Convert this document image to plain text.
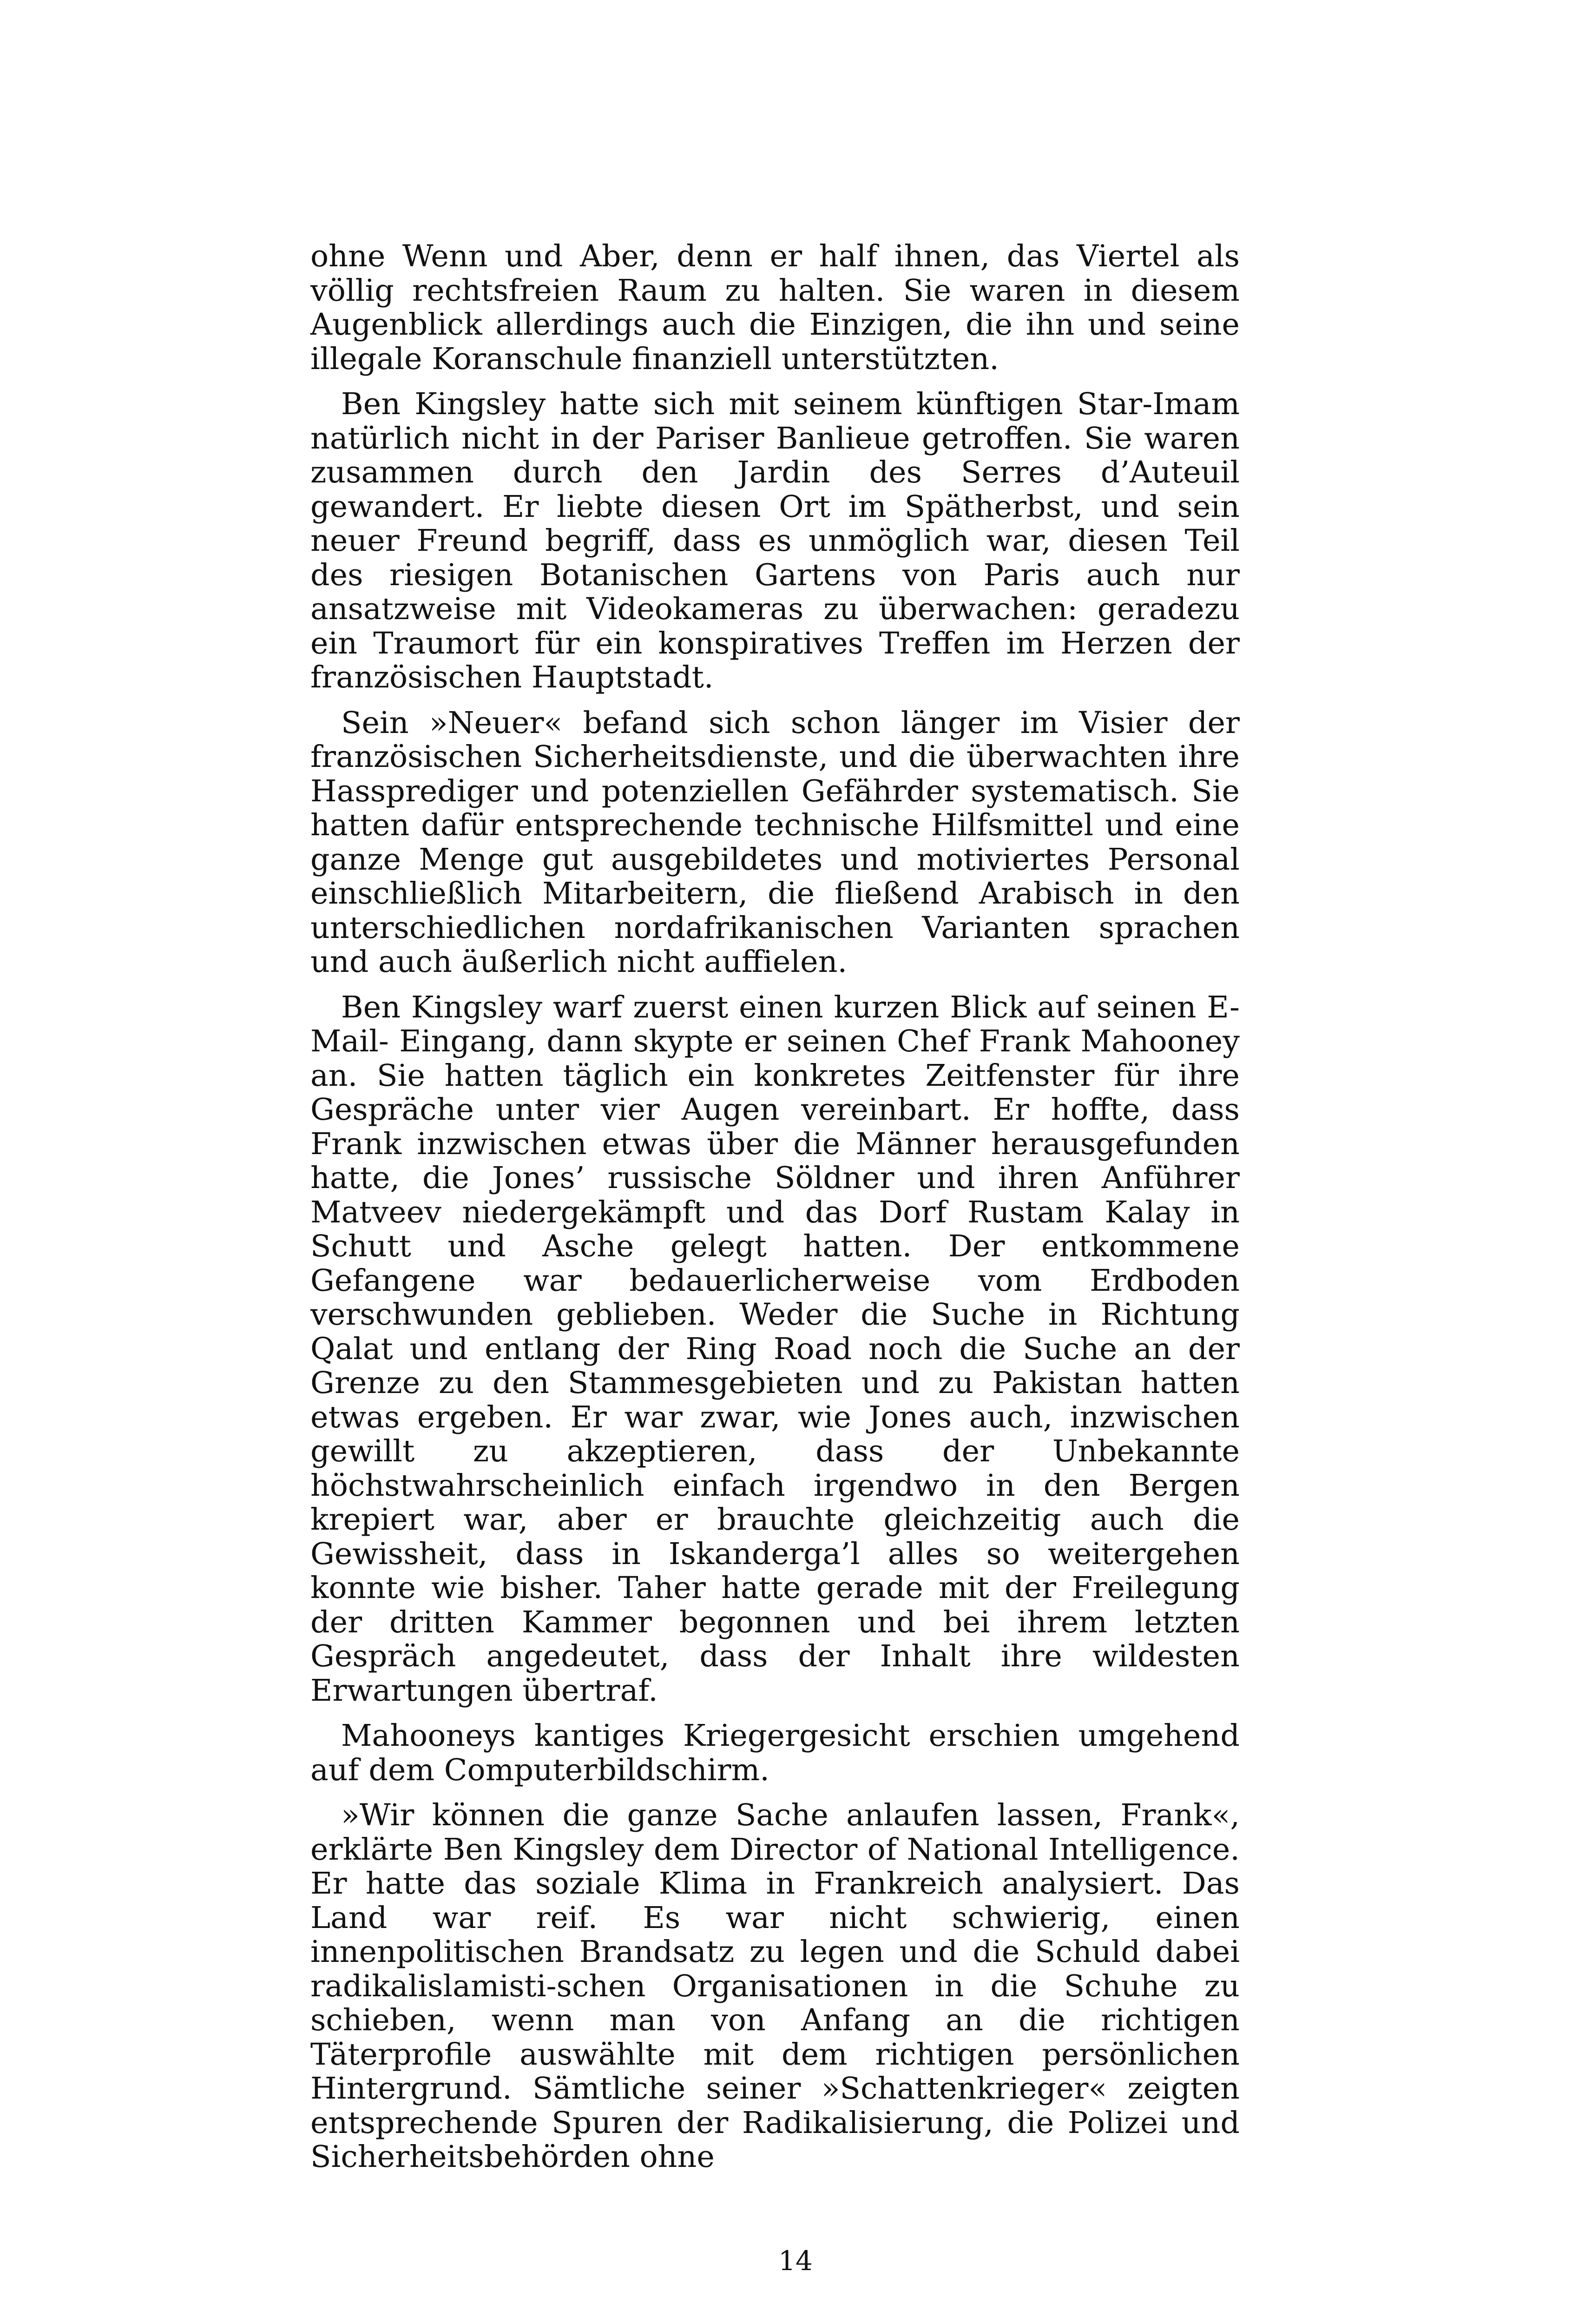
ohne Wenn und Aber, denn er half ihnen, das Viertel als völlig rechtsfreien Raum zu halten. Sie waren in diesem Augenblick allerdings auch die Einzigen, die ihn und seine illegale Koranschule finanziell unterstützten.

Ben Kingsley hatte sich mit seinem künftigen Star-Imam natürlich nicht in der Pariser Banlieue getroffen. Sie waren zusammen durch den Jardin des Serres d’Auteuil gewandert. Er liebte diesen Ort im Spätherbst, und sein neuer Freund begriff, dass es unmöglich war, diesen Teil des riesigen Botanischen Gartens von Paris auch nur ansatzweise mit Videokameras zu überwachen: geradezu ein Traumort für ein konspiratives Treffen im Herzen der französischen Hauptstadt.

Sein »Neuer« befand sich schon länger im Visier der französischen Sicherheitsdienste, und die überwachten ihre Hassprediger und potenziellen Gefährder systematisch. Sie hatten dafür entsprechende technische Hilfsmittel und eine ganze Menge gut ausgebildetes und motiviertes Personal einschließlich Mitarbeitern, die fließend Arabisch in den unterschiedlichen nordafrikanischen Varianten sprachen und auch äußerlich nicht auffielen.

Ben Kingsley warf zuerst einen kurzen Blick auf seinen E-Mail- Eingang, dann skypte er seinen Chef Frank Mahooney an. Sie hatten täglich ein konkretes Zeitfenster für ihre Gespräche unter vier Augen vereinbart. Er hoffte, dass Frank inzwischen etwas über die Männer herausgefunden hatte, die Jones’ russische Söldner und ihren Anführer Matveev niedergekämpft und das Dorf Rustam Kalay in Schutt und Asche gelegt hatten. Der entkommene Gefangene war bedauerlicherweise vom Erdboden verschwunden geblieben. Weder die Suche in Richtung Qalat und entlang der Ring Road noch die Suche an der Grenze zu den Stammesgebieten und zu Pakistan hatten etwas ergeben. Er war zwar, wie Jones auch, inzwischen gewillt zu akzeptieren, dass der Unbekannte höchstwahrscheinlich einfach irgendwo in den Bergen krepiert war, aber er brauchte gleichzeitig auch die Gewissheit, dass in Iskanderga’l alles so weitergehen konnte wie bisher. Taher hatte gerade mit der Freilegung der dritten Kammer begonnen und bei ihrem letzten Gespräch angedeutet, dass der Inhalt ihre wildesten Erwartungen übertraf.

Mahooneys kantiges Kriegergesicht erschien umgehend auf dem Computerbildschirm.

»Wir können die ganze Sache anlaufen lassen, Frank«, erklärte Ben Kingsley dem Director of National Intelligence. Er hatte das soziale Klima in Frankreich analysiert. Das Land war reif. Es war nicht schwierig, einen innenpolitischen Brandsatz zu legen und die Schuld dabei radikalislamisti-schen Organisationen in die Schuhe zu schieben, wenn man von Anfang an die richtigen Täterprofile auswählte mit dem richtigen persönlichen Hintergrund. Sämtliche seiner »Schattenkrieger« zeigten entsprechende Spuren der Radikalisierung, die Polizei und Sicherheitsbehörden ohne

14
